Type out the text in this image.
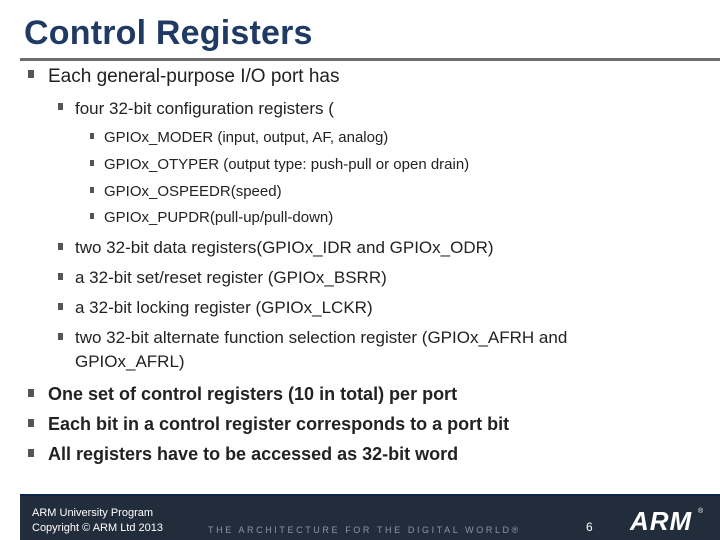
Control Registers
Each general-purpose I/O port has
four 32-bit configuration registers (
GPIOx_MODER (input, output, AF, analog)
GPIOx_OTYPER (output type: push-pull or open drain)
GPIOx_OSPEEDR(speed)
GPIOx_PUPDR(pull-up/pull-down)
two 32-bit data registers(GPIOx_IDR and GPIOx_ODR)
a 32-bit set/reset register (GPIOx_BSRR)
a 32-bit locking register (GPIOx_LCKR)
two 32-bit alternate function selection register (GPIOx_AFRH and
GPIOx_AFRL)
One set of control registers (10 in total) per port
Each bit in a control register corresponds to a port bit
All registers have to be accessed as 32-bit word
ARM University Program
Copyright © ARM Ltd 2013	THE ARCHITECTURE FOR THE DIGITAL WORLD®	6 ARM ®
